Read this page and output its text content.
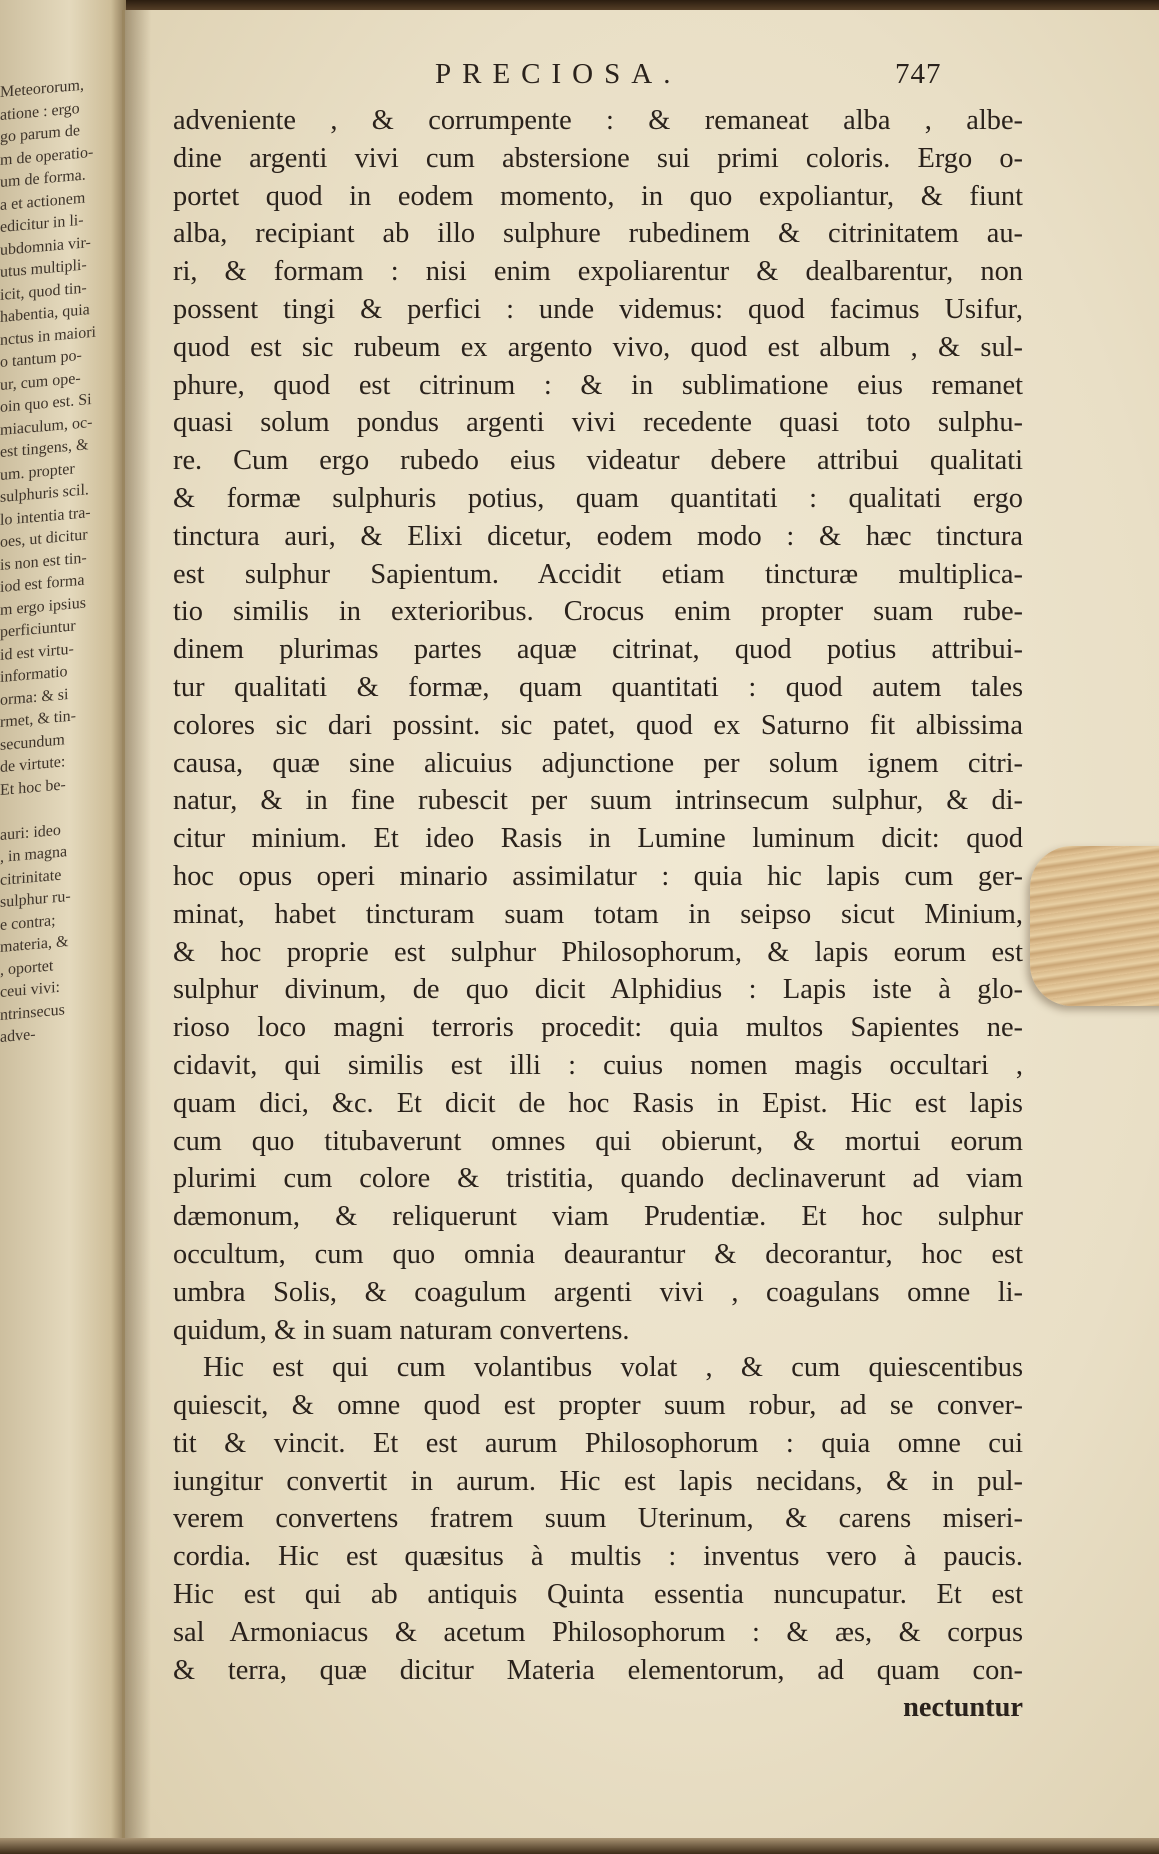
Meteororum,
atione : ergo
go parum de
m de operatio-
um de forma.
a et actionem
edicitur in li-
ubdomnia vir-
utus multipli-
icit, quod tin-
habentia, quia
nctus in maiori
o tantum po-
ur, cum ope-
oin quo est. Si
miaculum, oc-
est tingens, &
um. propter
sulphuris scil.
lo intentia tra-
oes, ut dicitur
is non est tin-
iod est forma
m ergo ipsius
perficiuntur
id est virtu-
informatio
orma: & si
rmet, & tin-
secundum
de virtute:
Et hoc be-
auri: ideo
, in magna
citrinitate
sulphur ru-
e contra;
materia, &
, oportet
ceui vivi:
ntrinsecus
adve-
PRECIOSA.	747
adveniente , & corrumpente : & remaneat alba , albe-
dine argenti vivi cum abstersione sui primi coloris. Ergo o-
portet quod in eodem momento, in quo expoliantur, & fiunt
alba, recipiant ab illo sulphure rubedinem & citrinitatem au-
ri, & formam : nisi enim expoliarentur & dealbarentur, non
possent tingi & perfici : unde videmus: quod facimus Usifur,
quod est sic rubeum ex argento vivo, quod est album , & sul-
phure, quod est citrinum : & in sublimatione eius remanet
quasi solum pondus argenti vivi recedente quasi toto sulphu-
re. Cum ergo rubedo eius videatur debere attribui qualitati
& formæ sulphuris potius, quam quantitati : qualitati ergo
tinctura auri, & Elixi dicetur, eodem modo : & hæc tinctura
est sulphur Sapientum. Accidit etiam tincturæ multiplica-
tio similis in exterioribus. Crocus enim propter suam rube-
dinem plurimas partes aquæ citrinat, quod potius attribui-
tur qualitati & formæ, quam quantitati : quod autem tales
colores sic dari possint. sic patet, quod ex Saturno fit albissima
causa, quæ sine alicuius adjunctione per solum ignem citri-
natur, & in fine rubescit per suum intrinsecum sulphur, & di-
citur minium. Et ideo Rasis in Lumine luminum dicit: quod
hoc opus operi minario assimilatur : quia hic lapis cum ger-
minat, habet tincturam suam totam in seipso sicut Minium,
& hoc proprie est sulphur Philosophorum, & lapis eorum est
sulphur divinum, de quo dicit Alphidius : Lapis iste à glo-
rioso loco magni terroris procedit: quia multos Sapientes ne-
cidavit, qui similis est illi : cuius nomen magis occultari ,
quam dici, &c. Et dicit de hoc Rasis in Epist. Hic est lapis
cum quo titubaverunt omnes qui obierunt, & mortui eorum
plurimi cum colore & tristitia, quando declinaverunt ad viam
dæmonum, & reliquerunt viam Prudentiæ. Et hoc sulphur
occultum, cum quo omnia deaurantur & decorantur, hoc est
umbra Solis, & coagulum argenti vivi , coagulans omne li-
quidum, & in suam naturam convertens.
Hic est qui cum volantibus volat , & cum quiescentibus
quiescit, & omne quod est propter suum robur, ad se conver-
tit & vincit. Et est aurum Philosophorum : quia omne cui
iungitur convertit in aurum. Hic est lapis necidans, & in pul-
verem convertens fratrem suum Uterinum, & carens miseri-
cordia. Hic est quæsitus à multis : inventus vero à paucis.
Hic est qui ab antiquis Quinta essentia nuncupatur. Et est
sal Armoniacus & acetum Philosophorum : & æs, & corpus
& terra, quæ dicitur Materia elementorum, ad quam con-
nectuntur
